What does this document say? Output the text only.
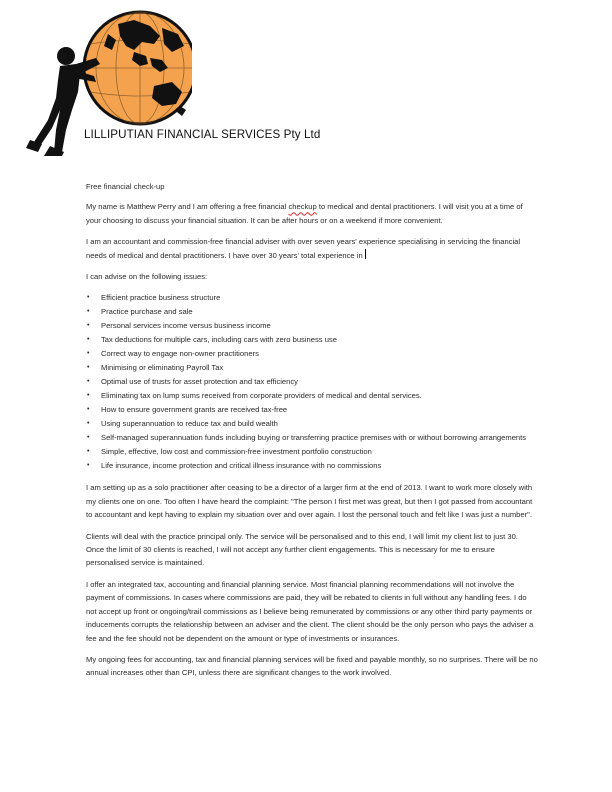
LILLIPUTIAN FINANCIAL SERVICES Pty Ltd

Free financial check-up

My name is Matthew Perry and I am offering a free financial checkup to medical and dental practitioners. I will visit you at a time of your choosing to discuss your financial situation. It can be after hours or on a weekend if more convenient.

I am an accountant and commission-free financial adviser with over seven years' experience specialising in servicing the financial needs of medical and dental practitioners. I have over 30 years' total experience in

I can advise on the following issues:

• Efficient practice business structure
• Practice purchase and sale
• Personal services income versus business income
• Tax deductions for multiple cars, including cars with zero business use
• Correct way to engage non-owner practitioners
• Minimising or eliminating Payroll Tax
• Optimal use of trusts for asset protection and tax efficiency
• Eliminating tax on lump sums received from corporate providers of medical and dental services.
• How to ensure government grants are received tax-free
• Using superannuation to reduce tax and build wealth
• Self-managed superannuation funds including buying or transferring practice premises with or without borrowing arrangements
• Simple, effective, low cost and commission-free investment portfolio construction
• Life insurance, income protection and critical illness insurance with no commissions

I am setting up as a solo practitioner after ceasing to be a director of a larger firm at the end of 2013. I want to work more closely with my clients one on one. Too often I have heard the complaint: "The person I first met was great, but then I got passed from accountant to accountant and kept having to explain my situation over and over again. I lost the personal touch and felt like I was just a number".

Clients will deal with the practice principal only. The service will be personalised and to this end, I will limit my client list to just 30. Once the limit of 30 clients is reached, I will not accept any further client engagements. This is necessary for me to ensure personalised service is maintained.

I offer an integrated tax, accounting and financial planning service. Most financial planning recommendations will not involve the payment of commissions. In cases where commissions are paid, they will be rebated to clients in full without any handling fees. I do not accept up front or ongoing/trail commissions as I believe being remunerated by commissions or any other third party payments or inducements corrupts the relationship between an adviser and the client. The client should be the only person who pays the adviser a fee and the fee should not be dependent on the amount or type of investments or insurances.

My ongoing fees for accounting, tax and financial planning services will be fixed and payable monthly, so no surprises. There will be no annual increases other than CPI, unless there are significant changes to the work involved.
